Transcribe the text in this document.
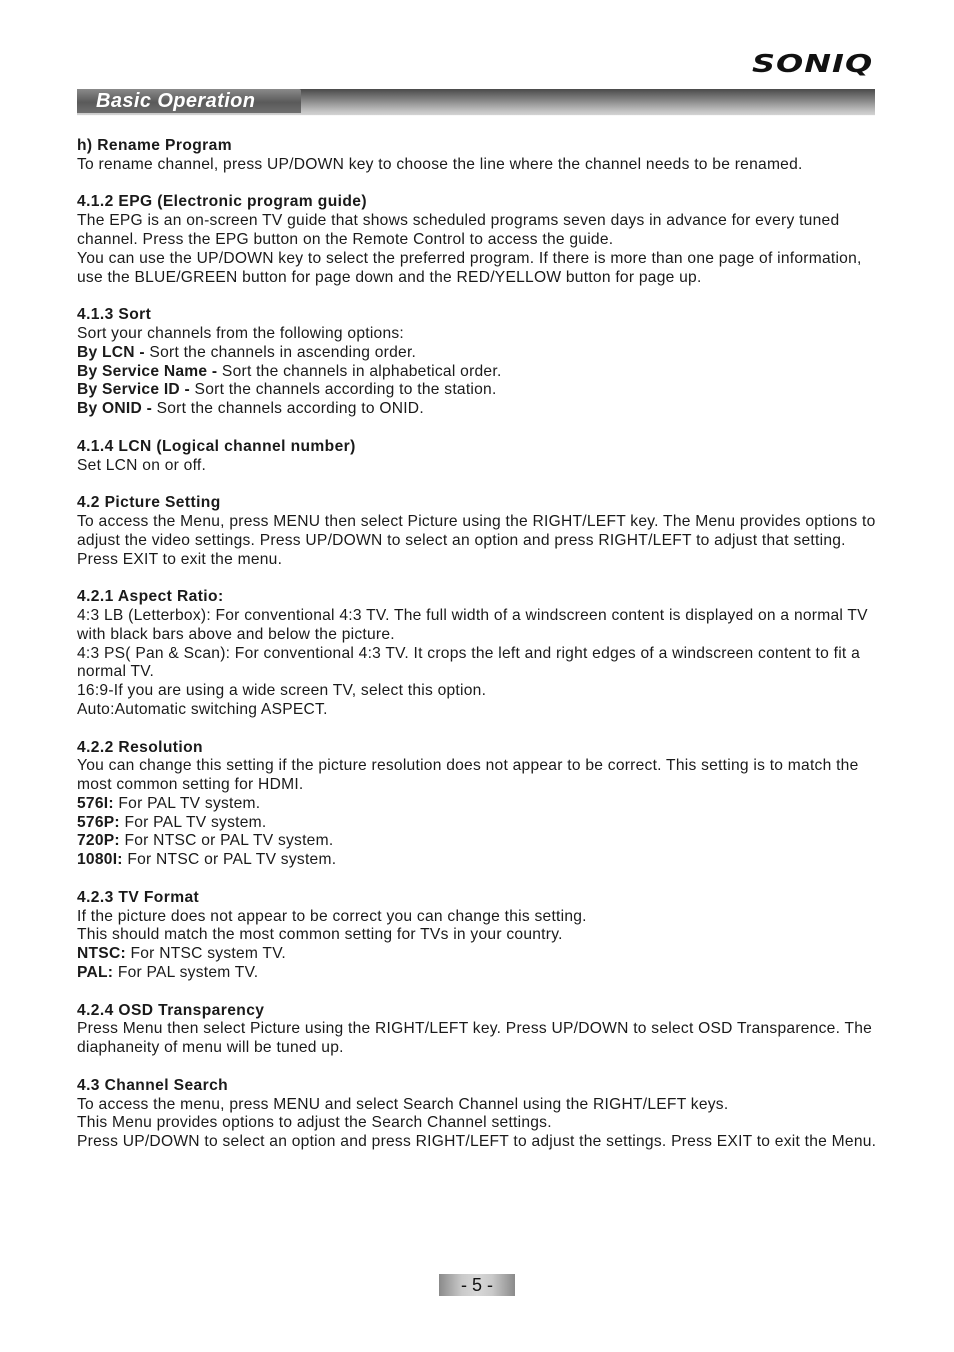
SONIQ
Basic Operation
h) Rename Program

To rename channel, press UP/DOWN key to choose the line where the channel needs to be renamed.

4.1.2 EPG (Electronic program guide)

The EPG is an on-screen TV guide that shows scheduled programs seven days in advance for every tuned channel. Press the EPG button on the Remote Control to access the guide.

You can use the UP/DOWN key to select the preferred program. If there is more than one page of information, use the BLUE/GREEN button for page down and the RED/YELLOW button for page up.

4.1.3 Sort

Sort your channels from the following options:

By LCN - Sort the channels in ascending order.

By Service Name - Sort the channels in alphabetical order.

By Service ID - Sort the channels according to the station.

By ONID - Sort the channels according to ONID.

4.1.4 LCN (Logical channel number)

Set LCN on or off.

4.2 Picture Setting

To access the Menu, press MENU then select Picture using the RIGHT/LEFT key. The Menu provides options to adjust the video settings. Press UP/DOWN to select an option and press RIGHT/LEFT to adjust that setting. Press EXIT to exit the menu.

4.2.1 Aspect Ratio:

4:3 LB (Letterbox): For conventional 4:3 TV. The full width of a windscreen content is displayed on a normal TV with black bars above and below the picture.

4:3 PS( Pan & Scan): For conventional 4:3 TV. It crops the left and right edges of a windscreen content to fit a normal TV.

16:9-If you are using a wide screen TV, select this option.

Auto:Automatic switching ASPECT.

4.2.2 Resolution

You can change this setting if the picture resolution does not appear to be correct. This setting is to match the most common setting for HDMI.

576I: For PAL TV system.

576P: For PAL TV system.

720P: For NTSC or PAL TV system.

1080I: For NTSC or PAL TV system.

4.2.3 TV Format

If the picture does not appear to be correct you can change this setting.

This should match the most common setting for TVs in your country.

NTSC: For NTSC system TV.

PAL: For PAL system TV.

4.2.4 OSD Transparency

Press Menu then select Picture using the RIGHT/LEFT key. Press UP/DOWN to select OSD Transparence. The diaphaneity of menu will be tuned up.

4.3 Channel Search

To access the menu, press MENU and select Search Channel using the RIGHT/LEFT keys.

This Menu provides options to adjust the Search Channel settings.

Press UP/DOWN to select an option and press RIGHT/LEFT to adjust the settings. Press EXIT to exit the Menu.

- 5 -
